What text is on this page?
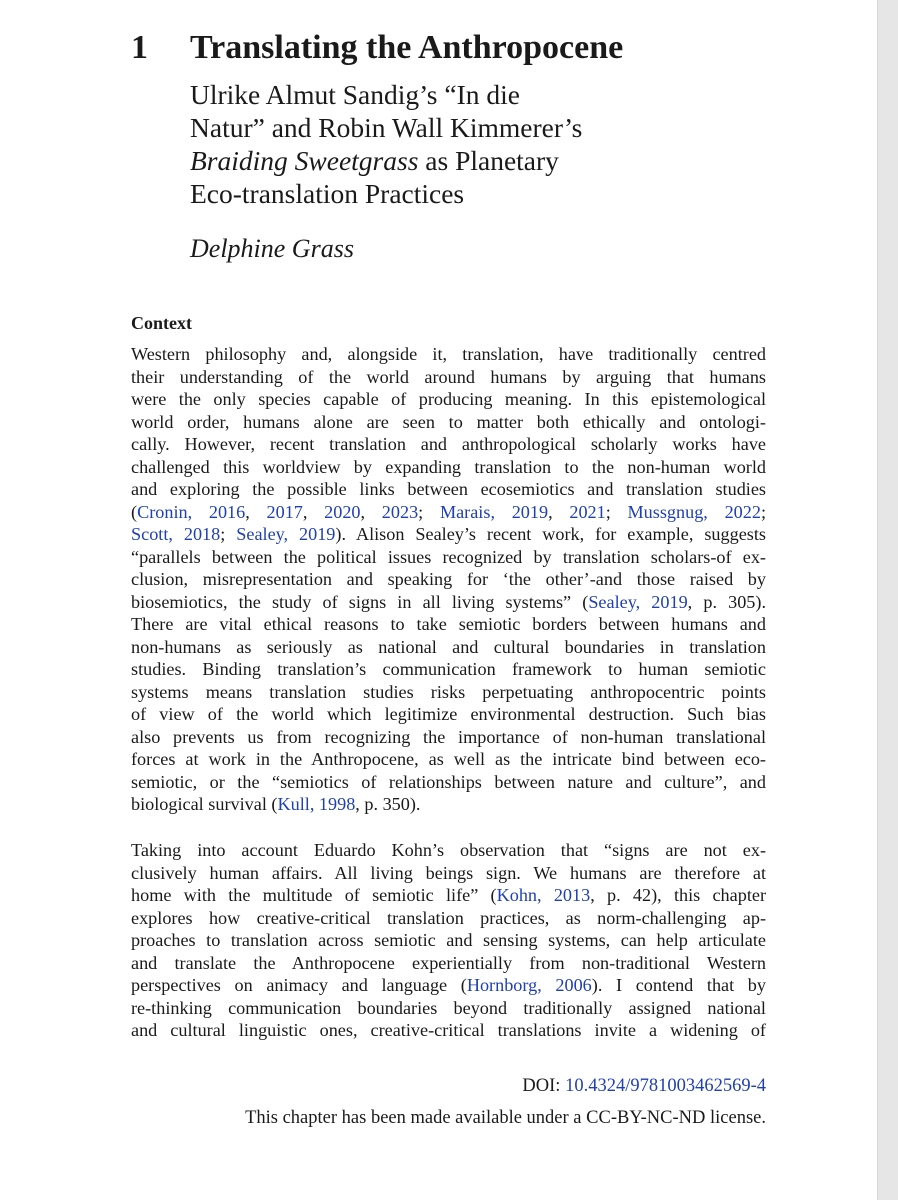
1 Translating the Anthropocene
Ulrike Almut Sandig’s “In die
Natur” and Robin Wall Kimmerer’s
Braiding Sweetgrass as Planetary
Eco-translation Practices
Delphine Grass
Context
Western philosophy and, alongside it, translation, have traditionally centred
their understanding of the world around humans by arguing that humans
were the only species capable of producing meaning. In this epistemological
world order, humans alone are seen to matter both ethically and ontologi-
cally. However, recent translation and anthropological scholarly works have
challenged this worldview by expanding translation to the non-human world
and exploring the possible links between ecosemiotics and translation studies
(Cronin, 2016, 2017, 2020, 2023; Marais, 2019, 2021; Mussgnug, 2022;
Scott, 2018; Sealey, 2019). Alison Sealey’s recent work, for example, suggests
“parallels between the political issues recognized by translation scholars-of ex-
clusion, misrepresentation and speaking for ‘the other’-and those raised by
biosemiotics, the study of signs in all living systems” (Sealey, 2019, p. 305).
There are vital ethical reasons to take semiotic borders between humans and
non-humans as seriously as national and cultural boundaries in translation
studies. Binding translation’s communication framework to human semiotic
systems means translation studies risks perpetuating anthropocentric points
of view of the world which legitimize environmental destruction. Such bias
also prevents us from recognizing the importance of non-human translational
forces at work in the Anthropocene, as well as the intricate bind between eco-
semiotic, or the “semiotics of relationships between nature and culture”, and
biological survival (Kull, 1998, p. 350).
Taking into account Eduardo Kohn’s observation that “signs are not ex-
clusively human affairs. All living beings sign. We humans are therefore at
home with the multitude of semiotic life” (Kohn, 2013, p. 42), this chapter
explores how creative-critical translation practices, as norm-challenging ap-
proaches to translation across semiotic and sensing systems, can help articulate
and translate the Anthropocene experientially from non-traditional Western
perspectives on animacy and language (Hornborg, 2006). I contend that by
re-thinking communication boundaries beyond traditionally assigned national
and cultural linguistic ones, creative-critical translations invite a widening of
DOI: 10.4324/9781003462569-4
This chapter has been made available under a CC-BY-NC-ND license.
